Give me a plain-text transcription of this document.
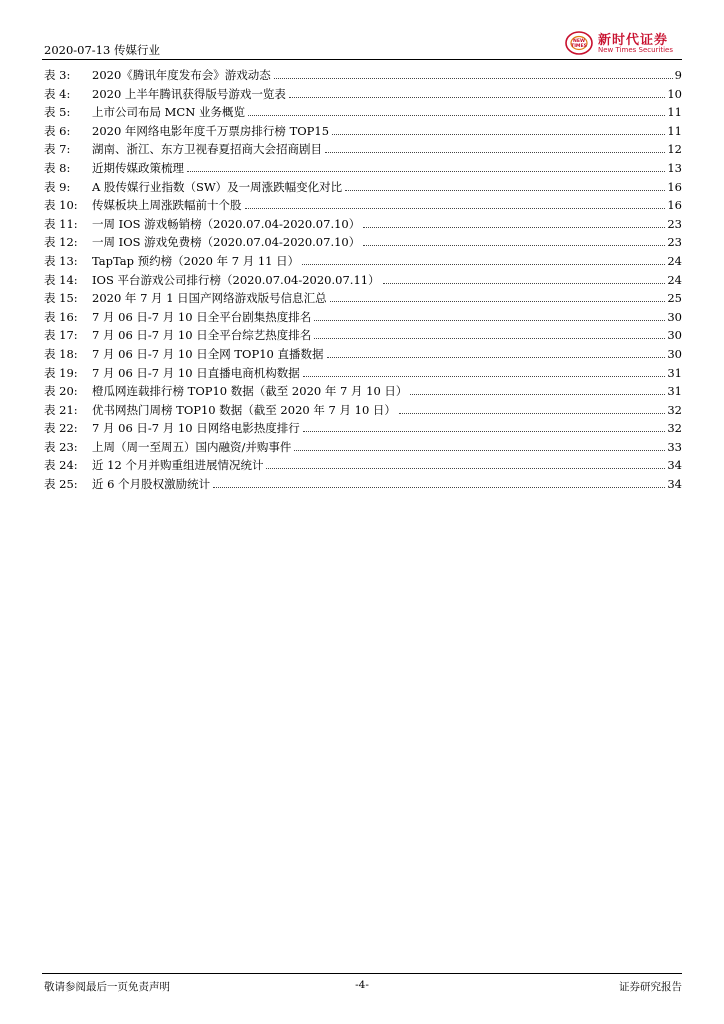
2020-07-13 传媒行业
NEW
TIMES 新时代证券
New Times Securities
表 3:	2020《腾讯年度发布会》游戏动态	9
表 4:	2020 上半年腾讯获得版号游戏一览表	10
表 5:	上市公司布局 MCN 业务概览	11
表 6:	2020 年网络电影年度千万票房排行榜 TOP15	11
表 7:	湖南、浙江、东方卫视春夏招商大会招商剧目	12
表 8:	近期传媒政策梳理	13
表 9:	A 股传媒行业指数（SW）及一周涨跌幅变化对比	16
表 10:	传媒板块上周涨跌幅前十个股	16
表 11:	一周 IOS 游戏畅销榜（2020.07.04-2020.07.10）	23
表 12:	一周 IOS 游戏免费榜（2020.07.04-2020.07.10）	23
表 13:	TapTap 预约榜（2020 年 7 月 11 日）	24
表 14:	IOS 平台游戏公司排行榜（2020.07.04-2020.07.11）	24
表 15:	2020 年 7 月 1 日国产网络游戏版号信息汇总	25
表 16:	7 月 06 日-7 月 10 日全平台剧集热度排名	30
表 17:	7 月 06 日-7 月 10 日全平台综艺热度排名	30
表 18:	7 月 06 日-7 月 10 日全网 TOP10 直播数据	30
表 19:	7 月 06 日-7 月 10 日直播电商机构数据	31
表 20:	橙瓜网连载排行榜 TOP10 数据（截至 2020 年 7 月 10 日）	31
表 21:	优书网热门周榜 TOP10 数据（截至 2020 年 7 月 10 日）	32
表 22:	7 月 06 日-7 月 10 日网络电影热度排行	32
表 23:	上周（周一至周五）国内融资/并购事件	33
表 24:	近 12 个月并购重组进展情况统计	34
表 25:	近 6 个月股权激励统计	34
敬请参阅最后一页免责声明	-4-	证券研究报告
